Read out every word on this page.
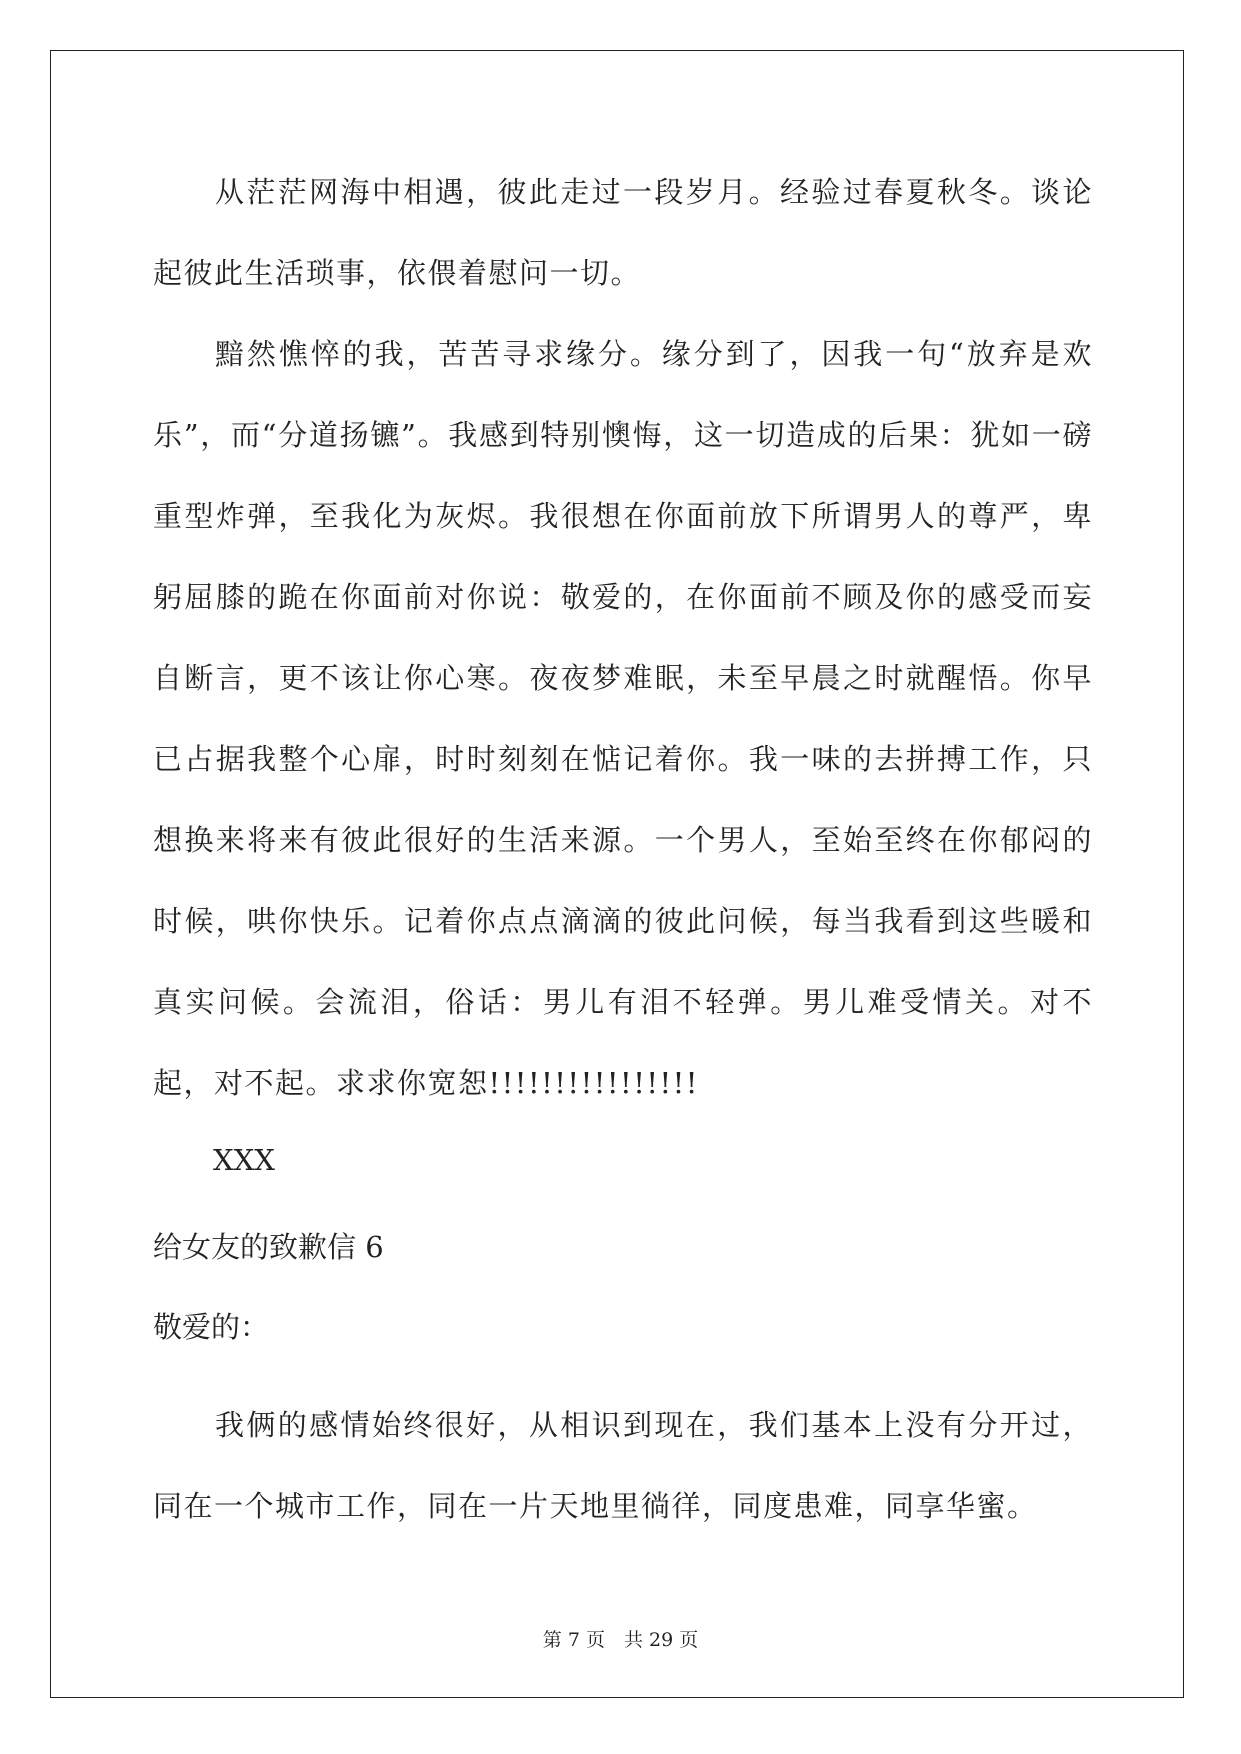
从茫茫网海中相遇，彼此走过一段岁月。经验过春夏秋冬。谈论起彼此生活琐事，依偎着慰问一切。

黯然憔悴的我，苦苦寻求缘分。缘分到了，因我一句“放弃是欢乐”，而“分道扬镳”。我感到特别懊悔，这一切造成的后果：犹如一磅重型炸弹，至我化为灰烬。我很想在你面前放下所谓男人的尊严，卑躬屈膝的跪在你面前对你说：敬爱的，在你面前不顾及你的感受而妄自断言，更不该让你心寒。夜夜梦难眠，未至早晨之时就醒悟。你早已占据我整个心扉，时时刻刻在惦记着你。我一味的去拼搏工作，只想换来将来有彼此很好的生活来源。一个男人，至始至终在你郁闷的时候，哄你快乐。记着你点点滴滴的彼此问候，每当我看到这些暖和真实问候。会流泪，俗话：男儿有泪不轻弹。男儿难受情关。对不起，对不起。求求你宽恕!!!!!!!!!!!!!!!!

XXX
给女友的致歉信 6
敬爱的：

我俩的感情始终很好，从相识到现在，我们基本上没有分开过，同在一个城市工作，同在一片天地里徜徉，同度患难，同享华蜜。

第 7 页　共 29 页
